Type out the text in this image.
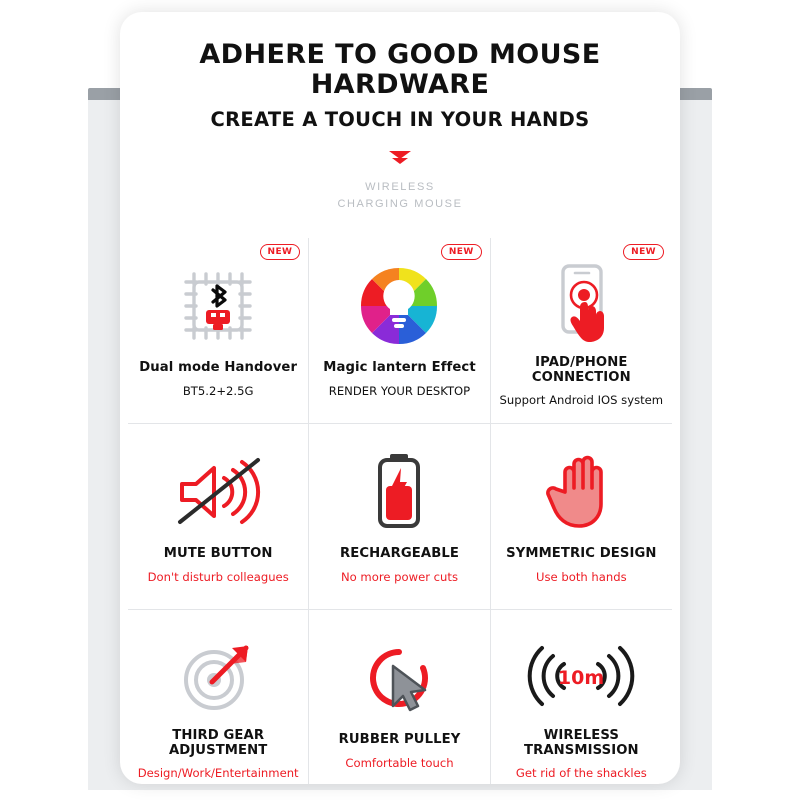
ADHERE TO GOOD MOUSE HARDWARE
CREATE A TOUCH IN YOUR HANDS
WIRELESS
CHARGING MOUSE
NEW
Dual mode Handover
BT5.2+2.5G
NEW
Magic lantern Effect
RENDER YOUR DESKTOP
NEW
IPAD/PHONE CONNECTION
Support Android IOS system
MUTE BUTTON
Don't disturb colleagues
RECHARGEABLE
No more power cuts
SYMMETRIC DESIGN
Use both hands
THIRD GEAR ADJUSTMENT
Design/Work/Entertainment
RUBBER PULLEY
Comfortable touch
10m
WIRELESS TRANSMISSION
Get rid of the shackles
